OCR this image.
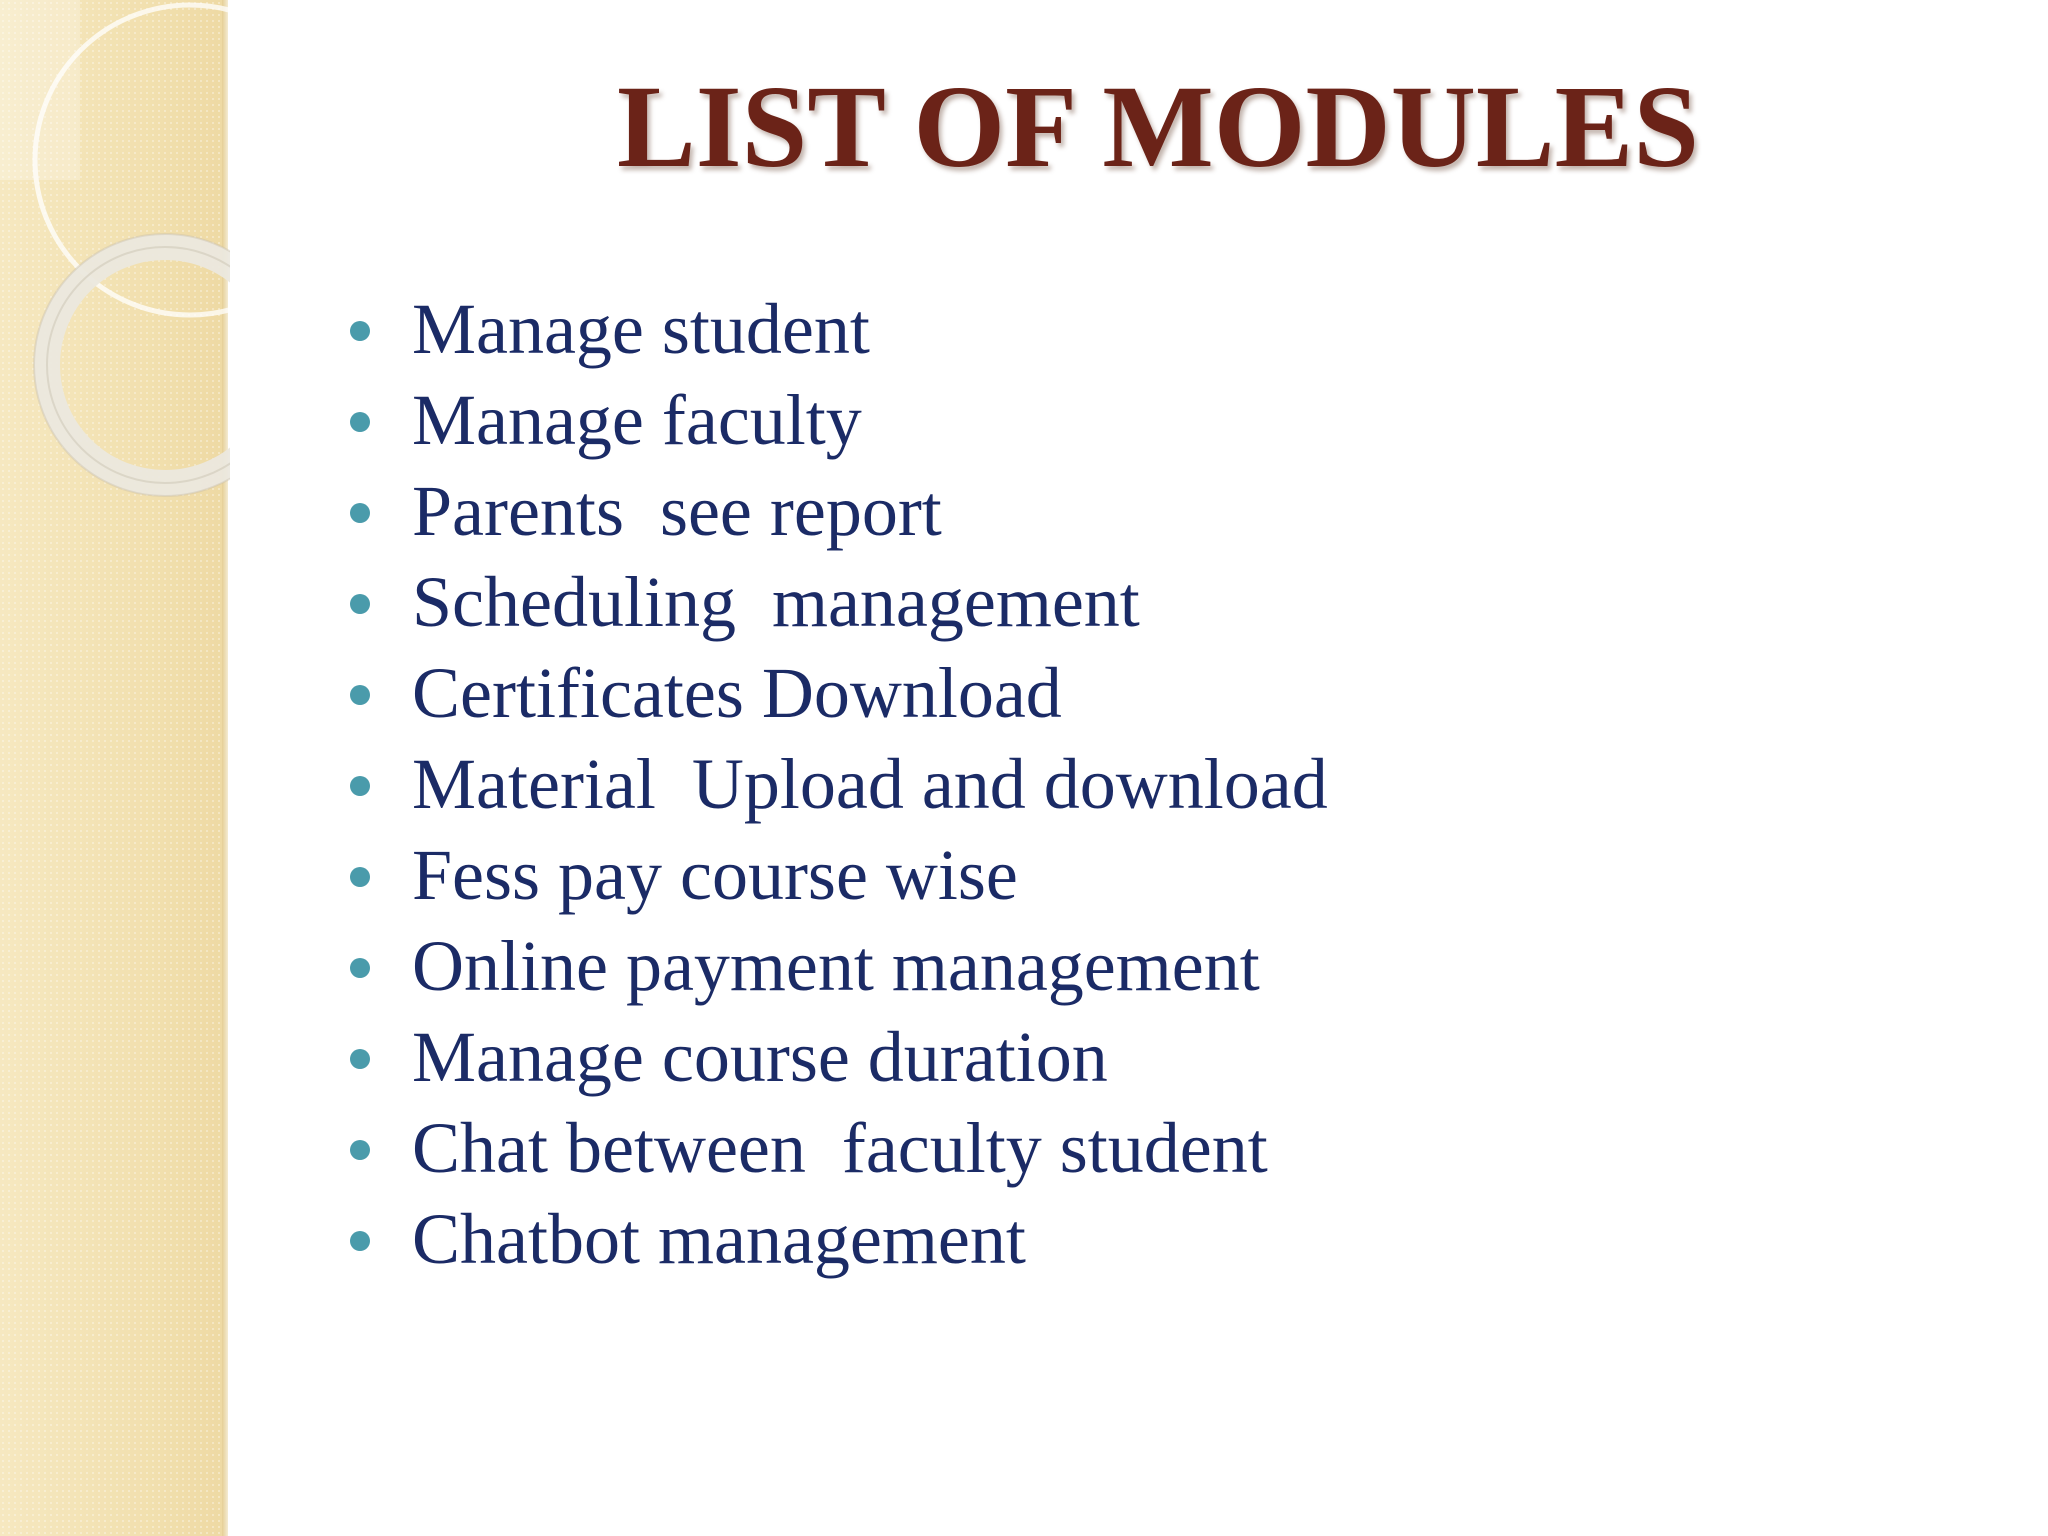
LIST OF MODULES
Manage student
Manage faculty
Parents  see report
Scheduling  management
Certificates Download
Material  Upload and download
Fess pay course wise
Online payment management
Manage course duration
Chat between  faculty student
Chatbot management
